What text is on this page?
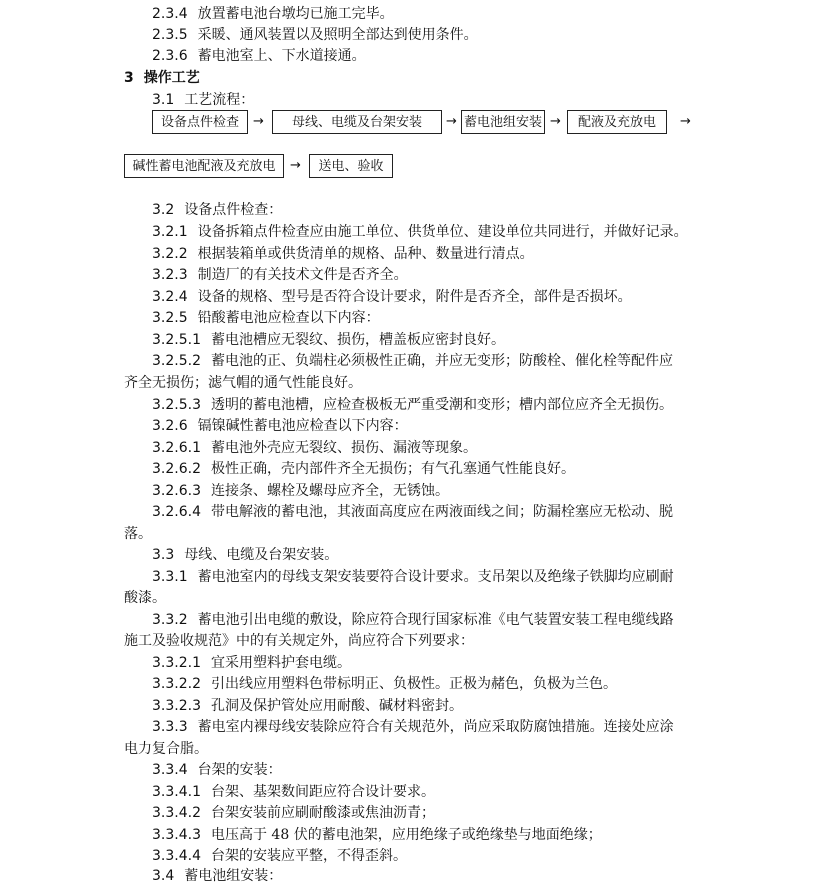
2.3.4 放置蓄电池台墩均已施工完毕。
2.3.5 采暖、通风装置以及照明全部达到使用条件。
2.3.6 蓄电池室上、下水道接通。
3 操作工艺
3.1 工艺流程：
设备点件检查	→	母线、电缆及台架安装	→ 蓄电池组安装 →	配液及充放电	→
碱性蓄电池配液及充放电	→	送电、验收
3.2 设备点件检查：
3.2.1 设备拆箱点件检查应由施工单位、供货单位、建设单位共同进行，并做好记录。
3.2.2 根据装箱单或供货清单的规格、品种、数量进行清点。
3.2.3 制造厂的有关技术文件是否齐全。
3.2.4 设备的规格、型号是否符合设计要求，附件是否齐全，部件是否损坏。
3.2.5 铅酸蓄电池应检查以下内容：
3.2.5.1 蓄电池槽应无裂纹、损伤，槽盖板应密封良好。
3.2.5.2 蓄电池的正、负端柱必须极性正确，并应无变形；防酸栓、催化栓等配件应
齐全无损伤；滤气帽的通气性能良好。
3.2.5.3 透明的蓄电池槽，应检查极板无严重受潮和变形；槽内部位应齐全无损伤。
3.2.6 镉镍碱性蓄电池应检查以下内容：
3.2.6.1 蓄电池外壳应无裂纹、损伤、漏液等现象。
3.2.6.2 极性正确，壳内部件齐全无损伤；有气孔塞通气性能良好。
3.2.6.3 连接条、螺栓及螺母应齐全，无锈蚀。
3.2.6.4 带电解液的蓄电池，其液面高度应在两液面线之间；防漏栓塞应无松动、脱
落。
3.3 母线、电缆及台架安装。
3.3.1 蓄电池室内的母线支架安装要符合设计要求。支吊架以及绝缘子铁脚均应刷耐
酸漆。
3.3.2 蓄电池引出电缆的敷设，除应符合现行国家标准《电气装置安装工程电缆线路
施工及验收规范》中的有关规定外，尚应符合下列要求：
3.3.2.1 宜采用塑料护套电缆。
3.3.2.2 引出线应用塑料色带标明正、负极性。正极为赭色，负极为兰色。
3.3.2.3 孔洞及保护管处应用耐酸、碱材料密封。
3.3.3 蓄电室内裸母线安装除应符合有关规范外，尚应采取防腐蚀措施。连接处应涂
电力复合脂。
3.3.4 台架的安装：
3.3.4.1 台架、基架数间距应符合设计要求。
3.3.4.2 台架安装前应刷耐酸漆或焦油沥青；
3.3.4.3 电压高于 48 伏的蓄电池架，应用绝缘子或绝缘垫与地面绝缘；
3.3.4.4 台架的安装应平整，不得歪斜。
3.4 蓄电池组安装：
